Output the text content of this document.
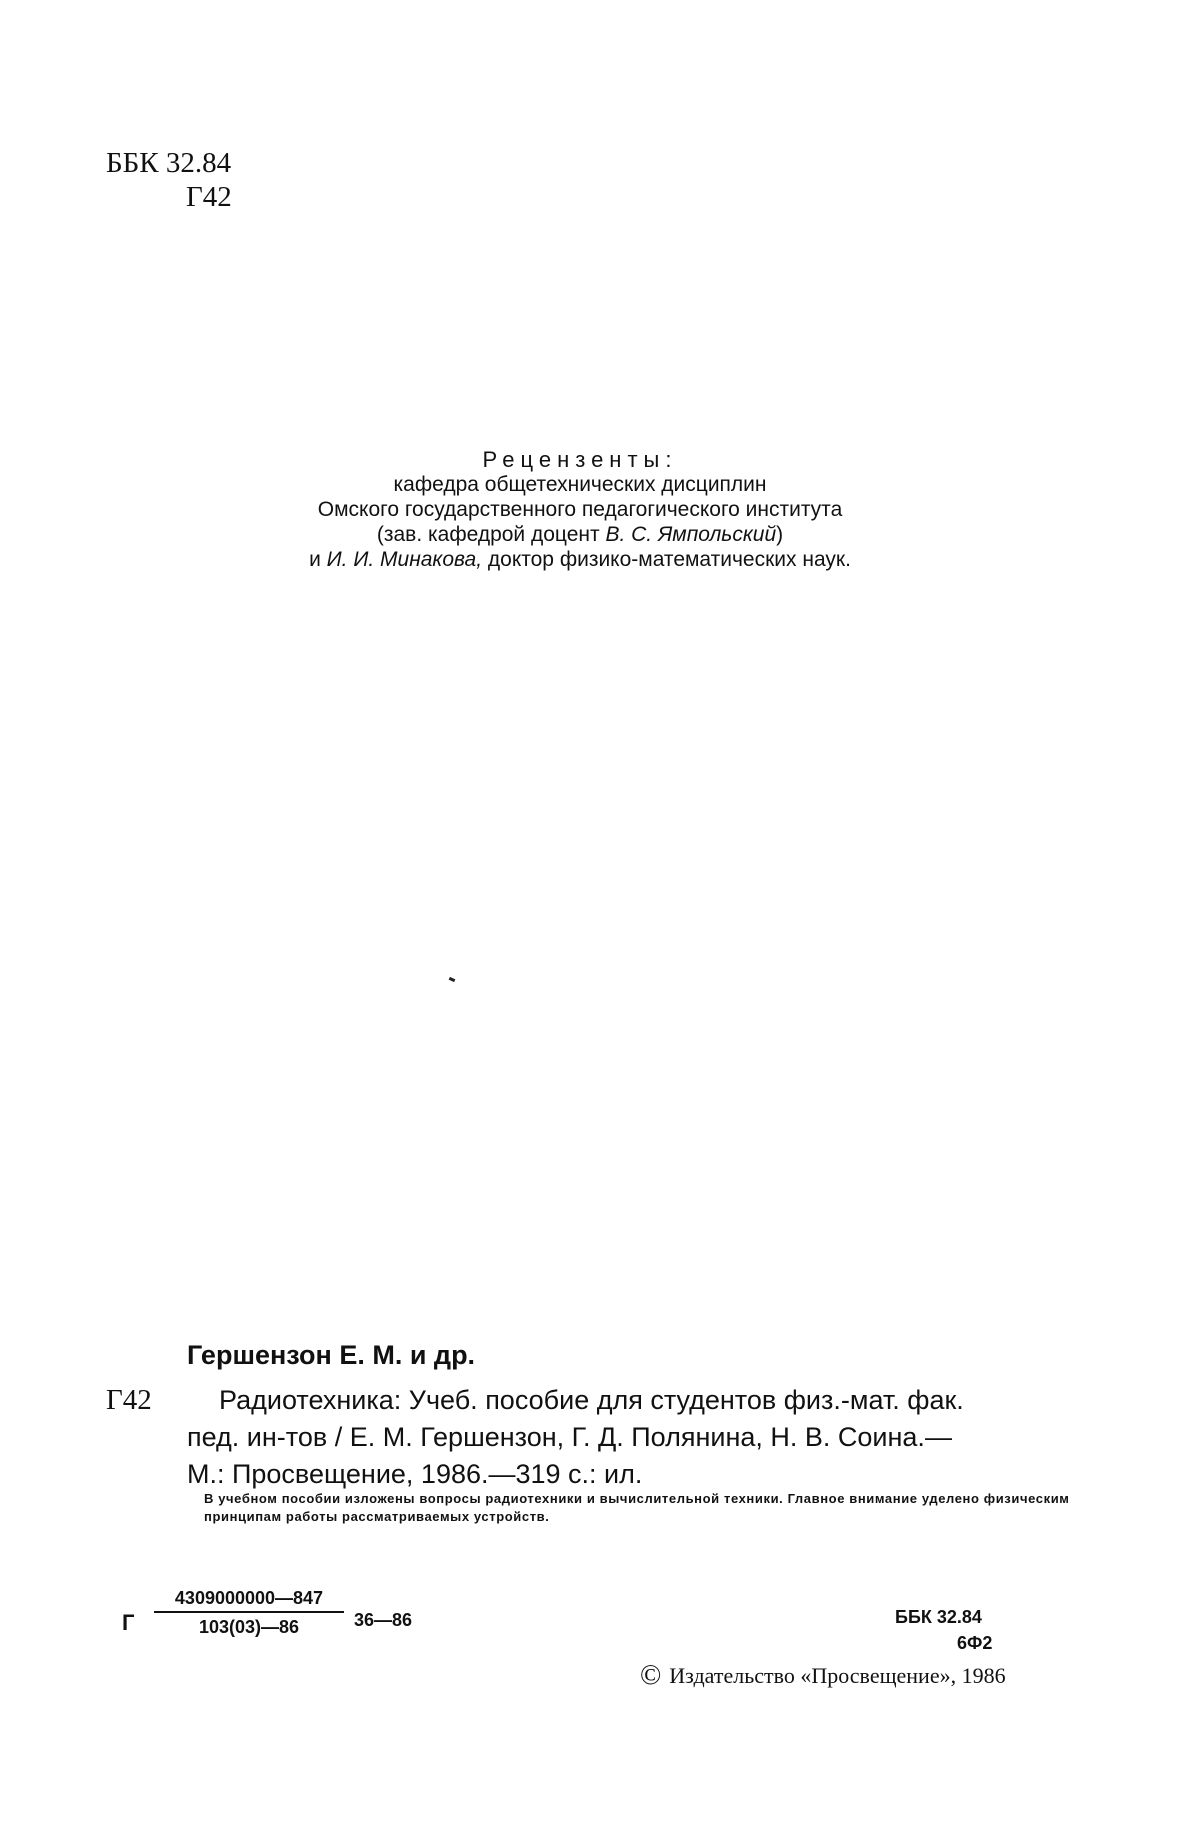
ББК 32.84
Г42
Рецензенты:
кафедра общетехнических дисциплин
Омского государственного педагогического института
(зав. кафедрой доцент В. С. Ямпольский)
и И. И. Минакова, доктор физико-математических наук.
Гершензон Е. М. и др.
Г42	Радиотехника: Учеб. пособие для студентов физ.-мат. фак.
пед. ин-тов / Е. М. Гершензон, Г. Д. Полянина, Н. В. Соина.—
М.: Просвещение, 1986.—319 с.: ил.
В учебном пособии изложены вопросы радиотехники и вычислительной техники. Главное внимание уделено физическим принципам работы рассматриваемых устройств.
Г $\frac{4309000000—847}{103(03)—86}$ 36—86	ББК 32.84
6Ф2
© Издательство «Просвещение», 1986
